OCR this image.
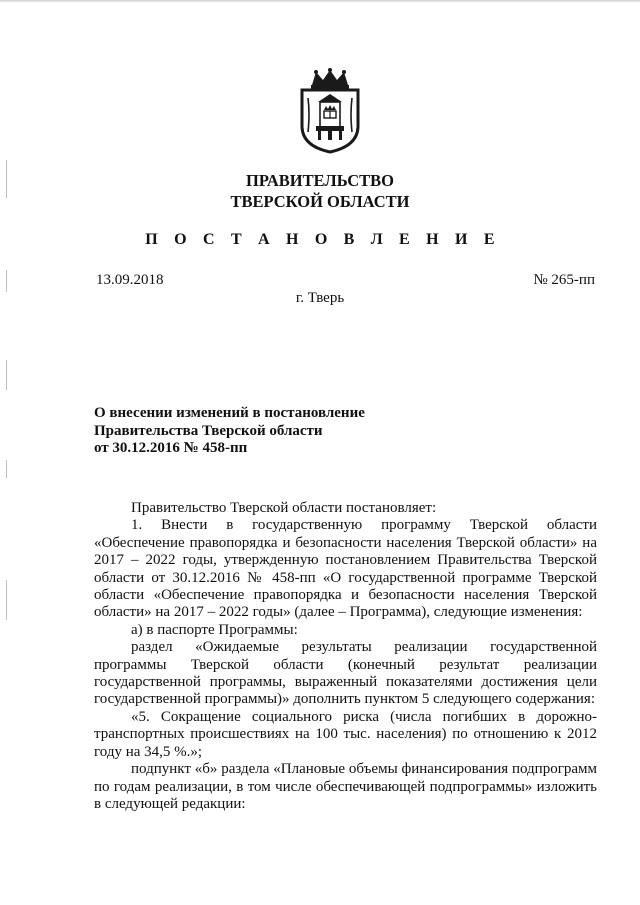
ПРАВИТЕЛЬСТВО
ТВЕРСКОЙ ОБЛАСТИ
П О С Т А Н О В Л Е Н И Е
13.09.2018	№ 265-пп
г. Тверь
О внесении изменений в постановление
Правительства Тверской области
от 30.12.2016 № 458-пп

Правительство Тверской области постановляет:

1. Внести в государственную программу Тверской области «Обеспечение правопорядка и безопасности населения Тверской области» на 2017 – 2022 годы, утвержденную постановлением Правительства Тверской области от 30.12.2016 № 458-пп «О государственной программе Тверской области «Обеспечение правопорядка и безопасности населения Тверской области» на 2017 – 2022 годы» (далее – Программа), следующие изменения:

а) в паспорте Программы:

раздел «Ожидаемые результаты реализации государственной программы Тверской области (конечный результат реализации государственной программы, выраженный показателями достижения цели государственной программы)» дополнить пунктом 5 следующего содержания:

«5. Сокращение социального риска (числа погибших в дорожно-транспортных происшествиях на 100 тыс. населения) по отношению к 2012 году на 34,5 %.»;

подпункт «б» раздела «Плановые объемы финансирования подпрограмм по годам реализации, в том числе обеспечивающей подпрограммы» изложить в следующей редакции:
